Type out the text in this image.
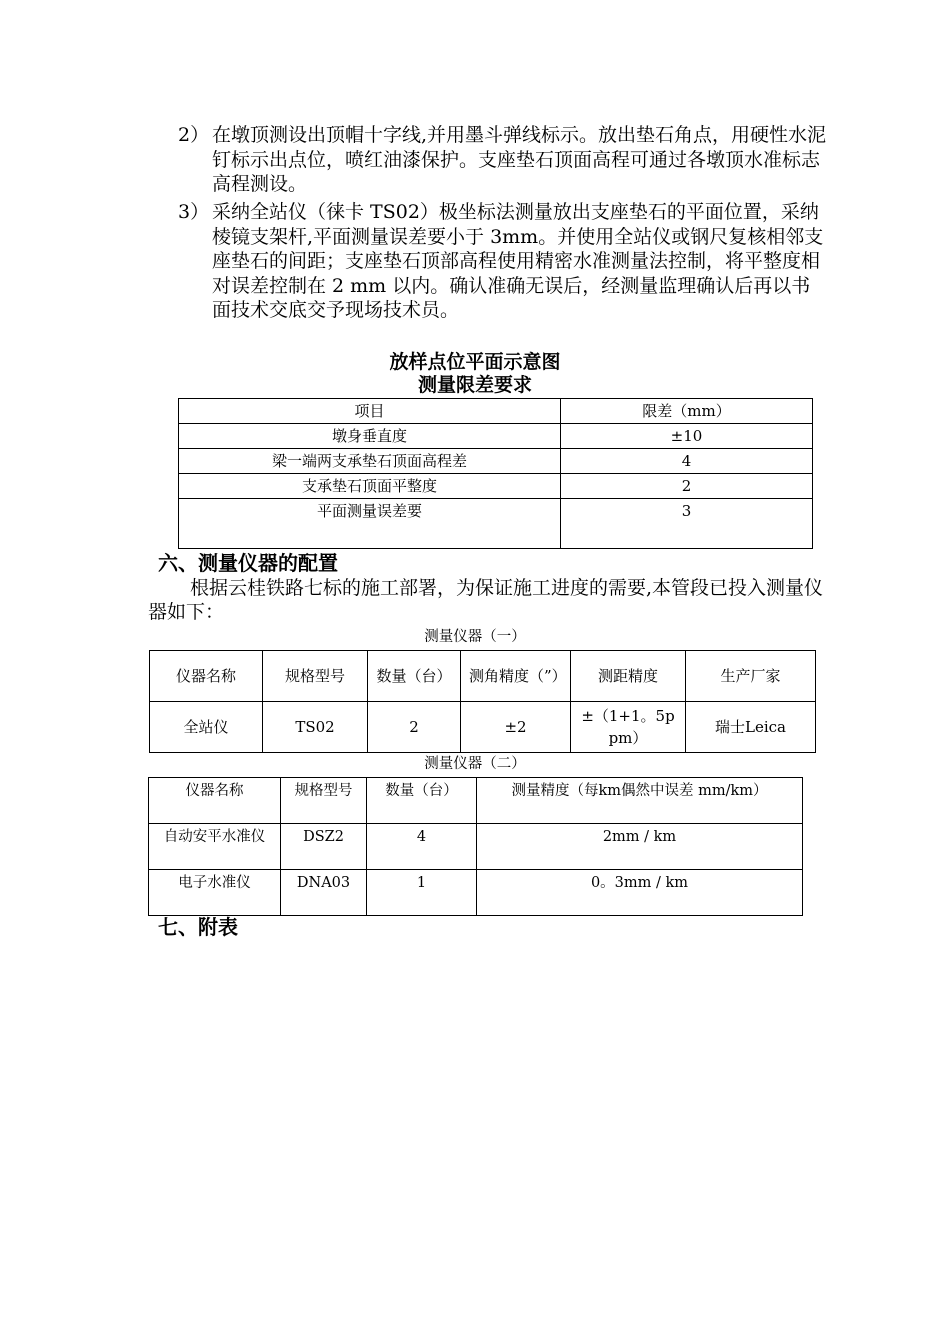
2） 在墩顶测设出顶帽十字线,并用墨斗弹线标示。放出垫石角点，用硬性水泥钉标示出点位，喷红油漆保护。支座垫石顶面高程可通过各墩顶水准标志高程测设。
3） 采纳全站仪（徕卡 TS02）极坐标法测量放出支座垫石的平面位置，采纳棱镜支架杆,平面测量误差要小于 3mm。并使用全站仪或钢尺复核相邻支座垫石的间距；支座垫石顶部高程使用精密水准测量法控制，将平整度相对误差控制在 2 mm 以内。确认准确无误后，经测量监理确认后再以书面技术交底交予现场技术员。
放样点位平面示意图
测量限差要求
项目	限差（mm）
墩身垂直度	±10
梁一端两支承垫石顶面高程差	4
支承垫石顶面平整度	2
平面测量误差要	3
六、测量仪器的配置
根据云桂铁路七标的施工部署，为保证施工进度的需要,本管段已投入测量仪器如下：
测量仪器（一）
仪器名称	规格型号	数量（台）	测角精度（”）	测距精度	生产厂家
全站仪	TS02	2	±2	±（1+1。5ppm）	瑞士Leica
测量仪器（二）
仪器名称	规格型号	数量（台）	测量精度（每km偶然中误差 mm/km）
自动安平水准仪	DSZ2	4	2mm / km
电子水准仪	DNA03	1	0。3mm / km
七、附表
